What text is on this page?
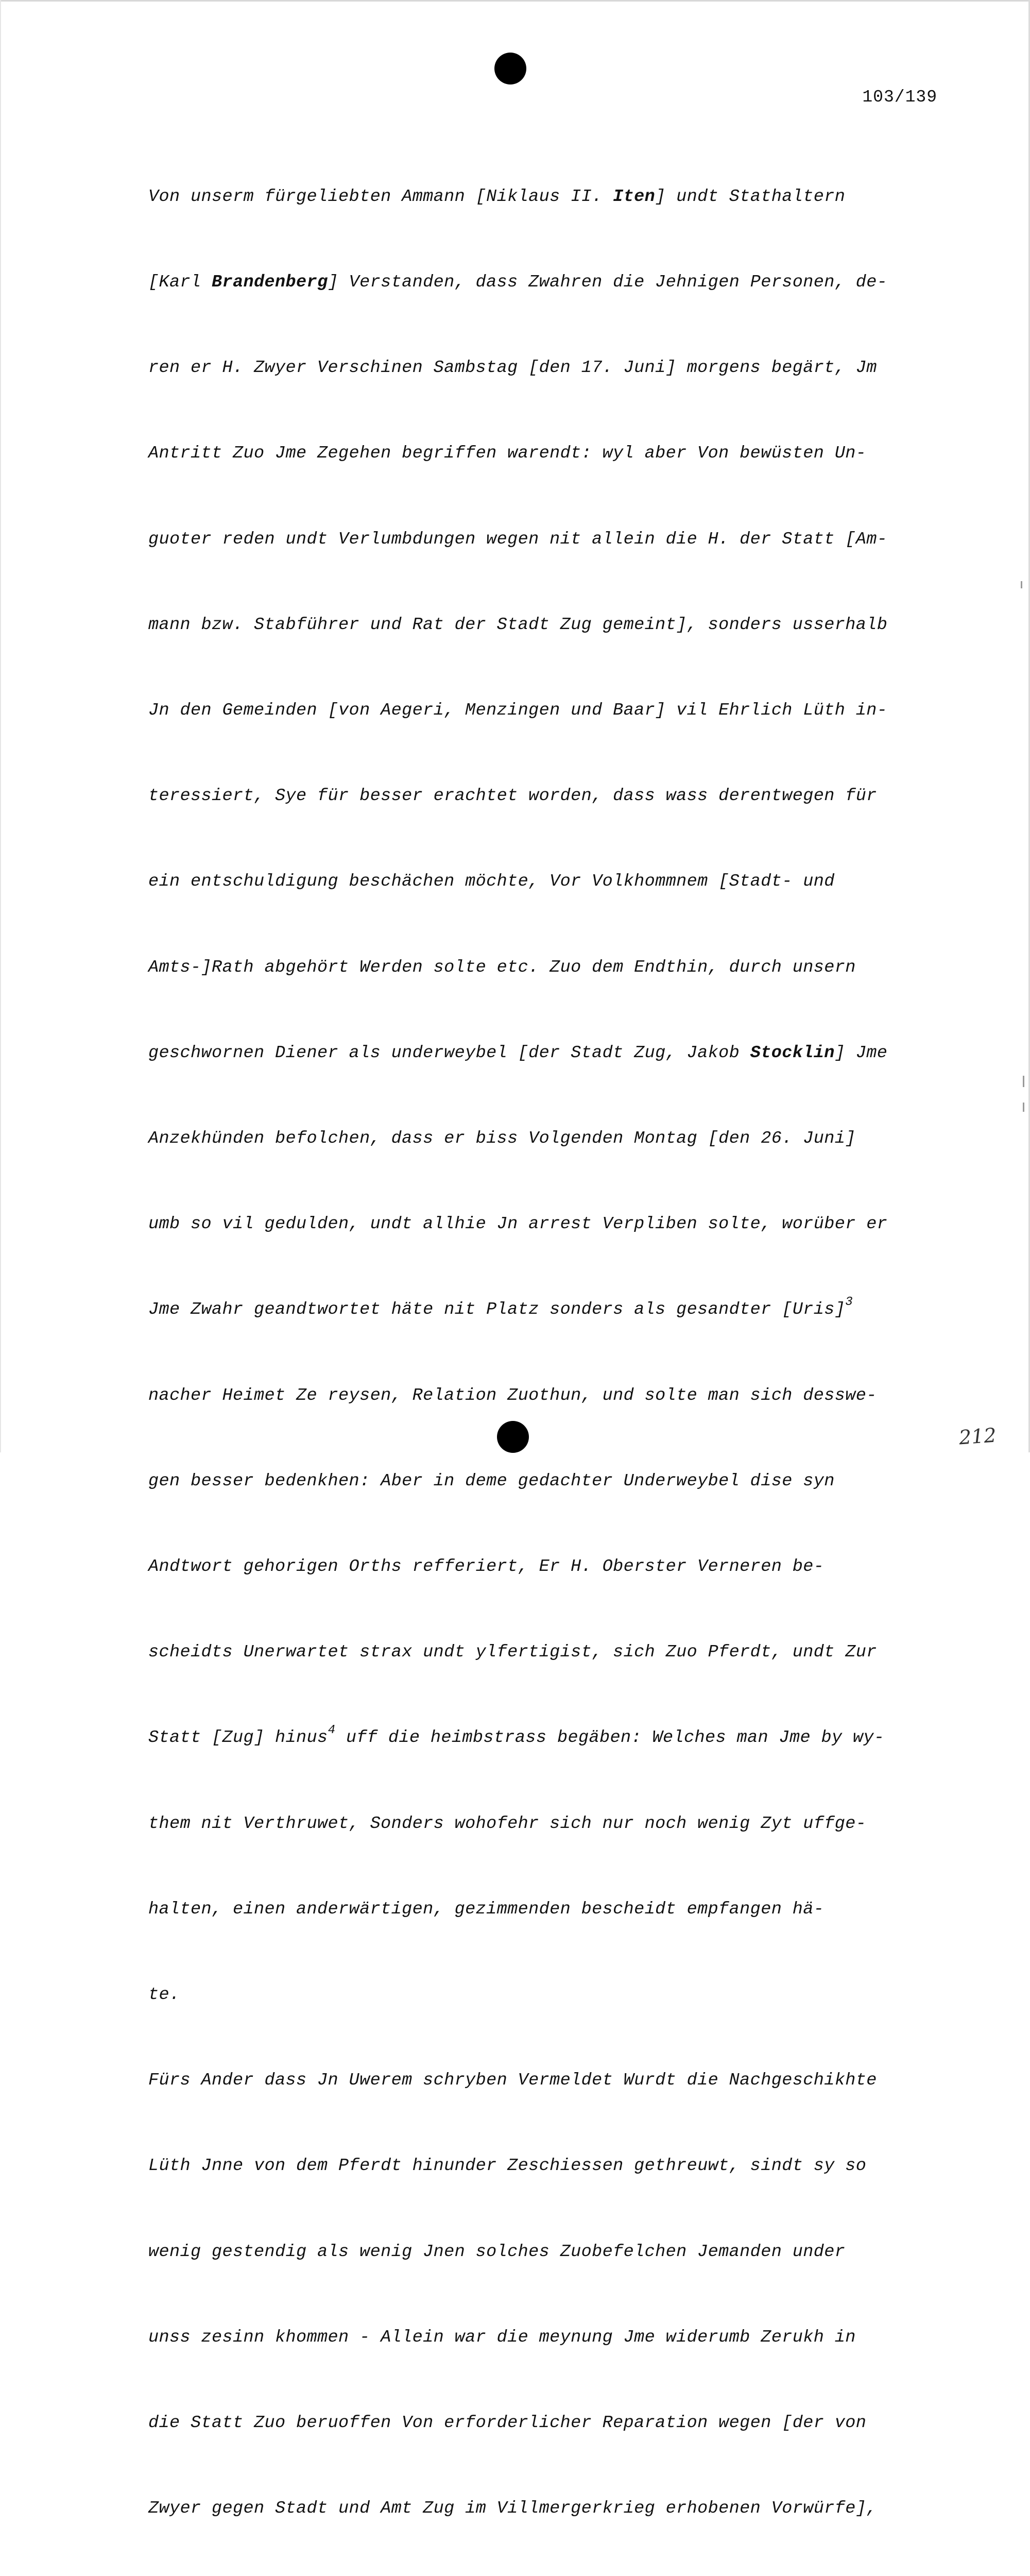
103/139

Von unserm fürgeliebten Ammann [Niklaus II. Iten] undt Stathaltern

[Karl Brandenberg] Verstanden, dass Zwahren die Jehnigen Personen, de-

ren er H. Zwyer Verschinen Sambstag [den 17. Juni] morgens begärt, Jm

Antritt Zuo Jme Zegehen begriffen warendt: wyl aber Von bewüsten Un-

guoter reden undt Verlumbdungen wegen nit allein die H. der Statt [Am-

mann bzw. Stabführer und Rat der Stadt Zug gemeint], sonders usserhalb

Jn den Gemeinden [von Aegeri, Menzingen und Baar] vil Ehrlich Lüth in-

teressiert, Sye für besser erachtet worden, dass wass derentwegen für

ein entschuldigung beschächen möchte, Vor Volkhommnem [Stadt- und

Amts-]Rath abgehört Werden solte etc. Zuo dem Endthin, durch unsern

geschwornen Diener als underweybel [der Stadt Zug, Jakob Stocklin] Jme

Anzekhünden befolchen, dass er biss Volgenden Montag [den 26. Juni]

umb so vil gedulden, undt allhie Jn arrest Verpliben solte, worüber er

Jme Zwahr geandtwortet häte nit Platz sonders als gesandter [Uris]$^3$

nacher Heimet Ze reysen, Relation Zuothun, und solte man sich desswe-

gen besser bedenkhen: Aber in deme gedachter Underweybel dise syn

Andtwort gehorigen Orths refferiert, Er H. Oberster Verneren be-

scheidts Unerwartet strax undt ylfertigist, sich Zuo Pferdt, undt Zur

Statt [Zug] hinus$^4$ uff die heimbstrass begäben: Welches man Jme by wy-

them nit Verthruwet, Sonders wohofehr sich nur noch wenig Zyt uffge-

halten, einen anderwärtigen, gezimmenden bescheidt empfangen hä-

te.

Fürs Ander dass Jn Uwerem schryben Vermeldet Wurdt die Nachgeschikhte

Lüth Jnne von dem Pferdt hinunder Zeschiessen gethreuwt, sindt sy so

wenig gestendig als wenig Jnen solches Zuobefelchen Jemanden under

unss zesinn khommen - Allein war die meynung Jme widerumb Zerukh in

die Statt Zuo beruoffen Von erforderlicher Reparation wegen [der von

Zwyer gegen Stadt und Amt Zug im Villmergerkrieg erhobenen Vorwürfe],

212
